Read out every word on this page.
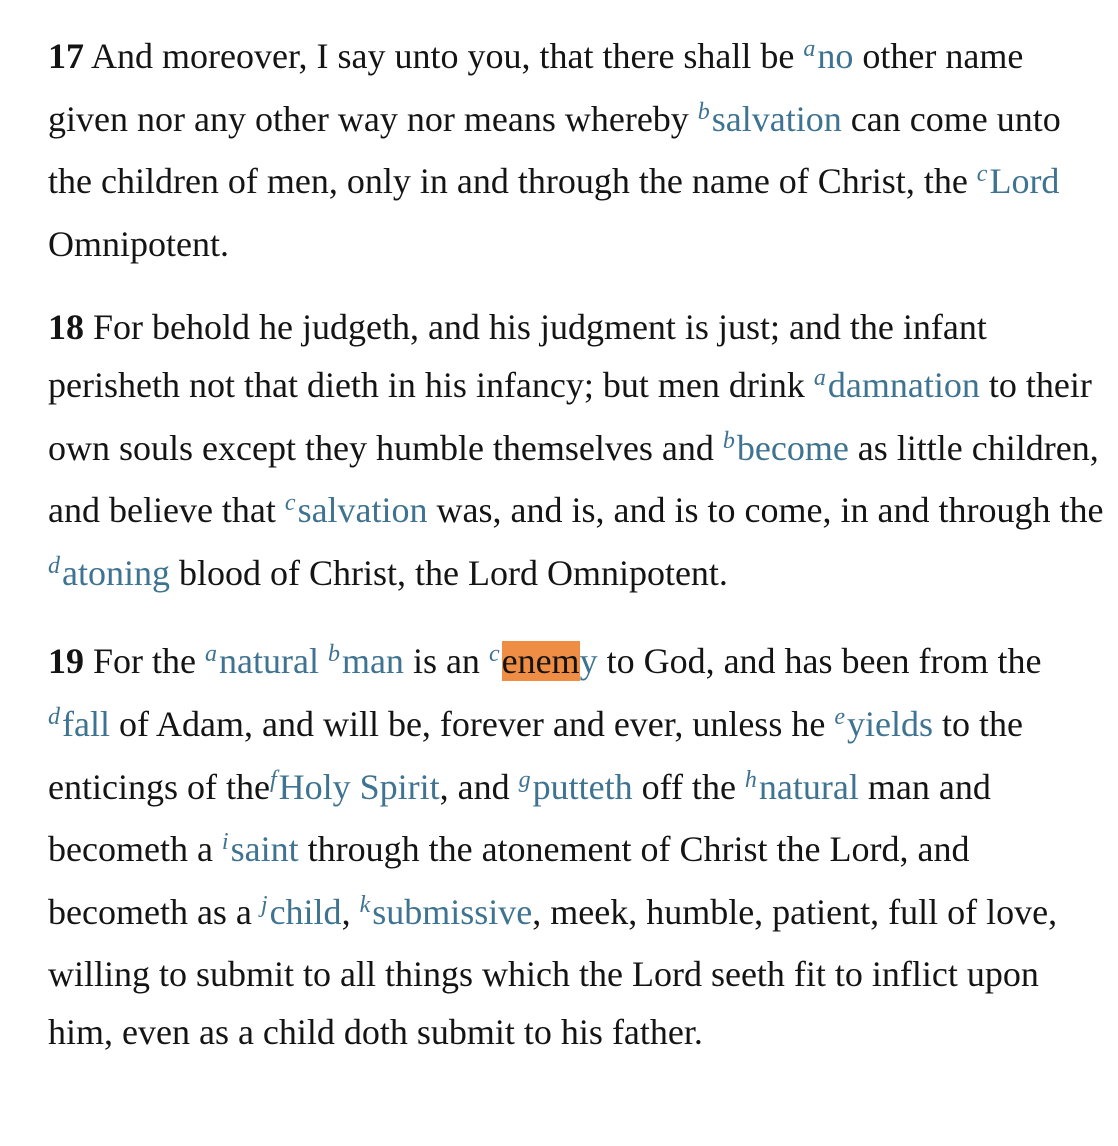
17 And moreover, I say unto you, that there shall be $^a$no other name given nor any other way nor means whereby $^b$salvation can come unto the children of men, only in and through the name of Christ, the $^c$Lord Omnipotent.

18 For behold he judgeth, and his judgment is just; and the infant perisheth not that dieth in his infancy; but men drink $^a$damnation to their own souls except they humble themselves and $^b$become as little children, and believe that $^c$salvation was, and is, and is to come, in and through the $^d$atoning blood of Christ, the Lord Omnipotent.

19 For the $^a$natural $^b$man is an $^c$enemy to God, and has been from the $^d$fall of Adam, and will be, forever and ever, unless he $^e$yields to the enticings of the$^f$Holy Spirit, and $^g$putteth off the $^h$natural man and becometh a $^i$saint through the atonement of Christ the Lord, and becometh as a $^j$child, $^k$submissive, meek, humble, patient, full of love, willing to submit to all things which the Lord seeth fit to inflict upon him, even as a child doth submit to his father.
